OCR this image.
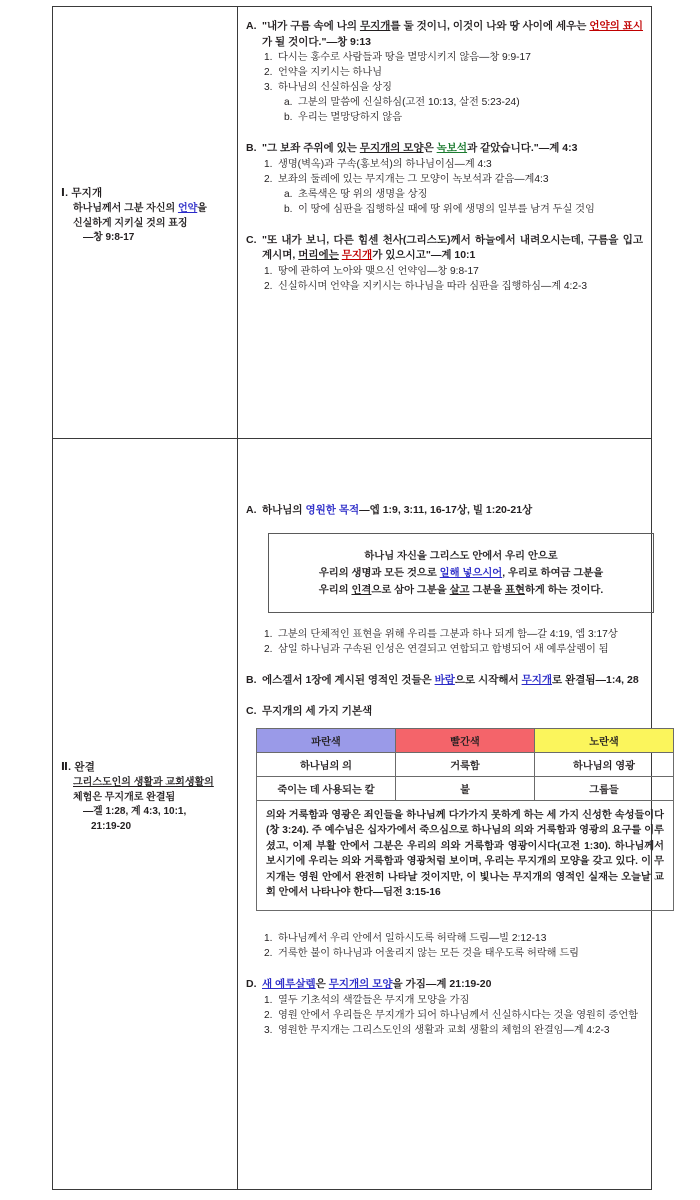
Ⅰ. 무지개
하나님께서 그분 자신의 언약을
신실하게 지키실 것의 표징
—창 9:8-17
A. "내가 구름 속에 나의 무지개를 둘 것이니, 이것이 나와 땅 사이에 세우는 언약의 표시가 될 것이다."—창 9:13
1. 다시는 홍수로 사람들과 땅을 멸망시키지 않음—창 9:9-17
2. 언약을 지키시는 하나님
3. 하나님의 신실하심을 상징
a. 그분의 말씀에 신실하심(고전 10:13, 살전 5:23-24)
b. 우리는 멸망당하지 않음
B. "그 보좌 주위에 있는 무지개의 모양은 녹보석과 같았습니다."—계 4:3
1. 생명(벽옥)과 구속(홍보석)의 하나님이심—계 4:3
2. 보좌의 둘레에 있는 무지개는 그 모양이 녹보석과 같음—계4:3
a. 초록색은 땅 위의 생명을 상징
b. 이 땅에 심판을 집행하실 때에 땅 위에 생명의 일부를 남겨 두실 것임
C. "또 내가 보니, 다른 힘센 천사(그리스도)께서 하늘에서 내려오시는데, 구름을 입고 계시며, 머리에는 무지개가 있으시고"—계 10:1
1. 땅에 관하여 노아와 맺으신 언약임—창 9:8-17
2. 신실하시며 언약을 지키시는 하나님을 따라 심판을 집행하심—계 4:2-3
Ⅱ. 완결
그리스도인의 생활과 교회생활의
체험은 무지개로 완결됨
—겔 1:28, 계 4:3, 10:1,
21:19-20
A. 하나님의 영원한 목적—엡 1:9, 3:11, 16-17상, 빌 1:20-21상
하나님 자신을 그리스도 안에서 우리 안으로
우리의 생명과 모든 것으로 일해 넣으시어, 우리로 하여금 그분을
우리의 인격으로 삼아 그분을 살고 그분을 표현하게 하는 것이다.
1. 그분의 단체적인 표현을 위해 우리를 그분과 하나 되게 함—갈 4:19, 엡 3:17상
2. 삼일 하나님과 구속된 인성은 연결되고 연합되고 합병되어 새 예루살렘이 됨
B. 에스겔서 1장에 계시된 영적인 것들은 바람으로 시작해서 무지개로 완결됨—1:4, 28
C. 무지개의 세 가지 기본색
파란색	빨간색	노란색
하나님의 의	거룩함	하나님의 영광
죽이는 데 사용되는 칼	불	그룹들

의와 거룩함과 영광은 죄인들을 하나님께 다가가지 못하게 하는 세 가지 신성한 속성들이다(창 3:24). 주 예수님은 십자가에서 죽으심으로 하나님의 의와 거룩함과 영광의 요구를 이루셨고, 이제 부활 안에서 그분은 우리의 의와 거룩함과 영광이시다(고전 1:30). 하나님께서 보시기에 우리는 의와 거룩함과 영광처럼 보이며, 우리는 무지개의 모양을 갖고 있다. 이 무지개는 영원 안에서 완전히 나타날 것이지만, 이 빛나는 무지개의 영적인 실재는 오늘날 교회 안에서 나타나야 한다—딤전 3:15-16

1. 하나님께서 우리 안에서 일하시도록 허락해 드림—빌 2:12-13
2. 거룩한 불이 하나님과 어울리지 않는 모든 것을 태우도록 허락해 드림
D. 새 예루살렘은 무지개의 모양을 가짐—계 21:19-20
1. 열두 기초석의 색깔들은 무지개 모양을 가짐
2. 영원 안에서 우리들은 무지개가 되어 하나님께서 신실하시다는 것을 영원히 증언함
3. 영원한 무지개는 그리스도인의 생활과 교회 생활의 체험의 완결임—계 4:2-3
